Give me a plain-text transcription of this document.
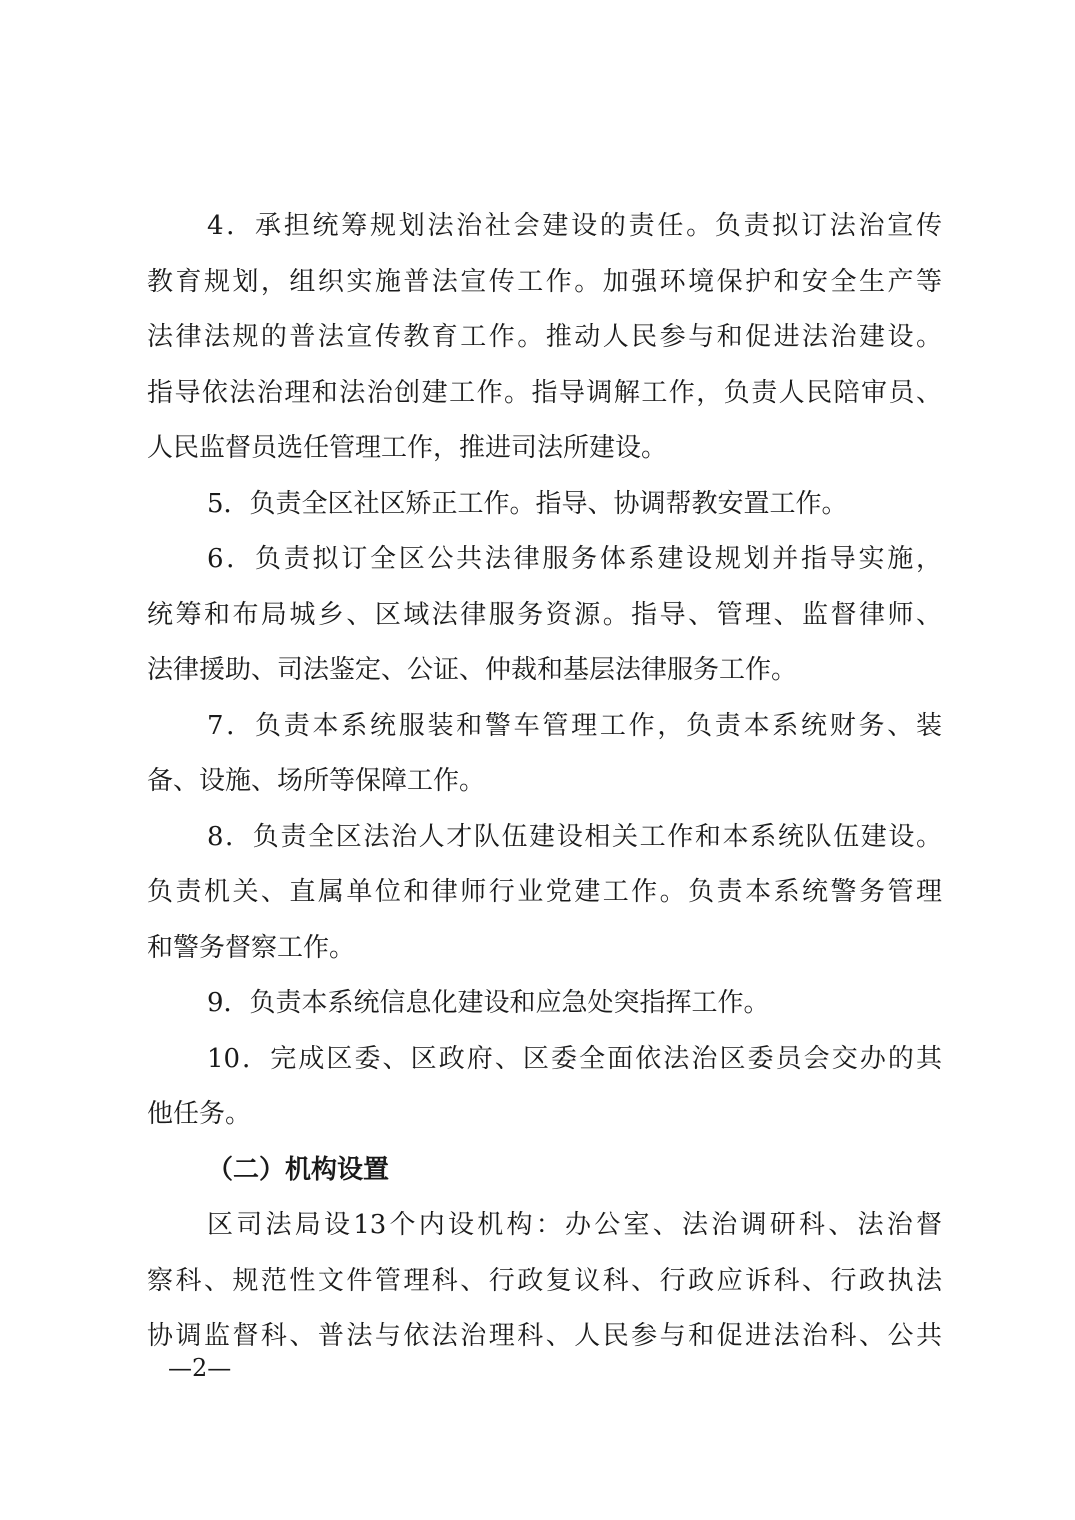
4．承担统筹规划法治社会建设的责任。负责拟订法治宣传
教育规划，组织实施普法宣传工作。加强环境保护和安全生产等
法律法规的普法宣传教育工作。推动人民参与和促进法治建设。
指导依法治理和法治创建工作。指导调解工作，负责人民陪审员、
人民监督员选任管理工作，推进司法所建设。
5．负责全区社区矫正工作。指导、协调帮教安置工作。
6．负责拟订全区公共法律服务体系建设规划并指导实施，
统筹和布局城乡、区域法律服务资源。指导、管理、监督律师、
法律援助、司法鉴定、公证、仲裁和基层法律服务工作。
7．负责本系统服装和警车管理工作，负责本系统财务、装
备、设施、场所等保障工作。
8．负责全区法治人才队伍建设相关工作和本系统队伍建设。
负责机关、直属单位和律师行业党建工作。负责本系统警务管理
和警务督察工作。
9．负责本系统信息化建设和应急处突指挥工作。
10．完成区委、区政府、区委全面依法治区委员会交办的其
他任务。
（二）机构设置
区司法局设13个内设机构：办公室、法治调研科、法治督
察科、规范性文件管理科、行政复议科、行政应诉科、行政执法
协调监督科、普法与依法治理科、人民参与和促进法治科、公共
—2—
